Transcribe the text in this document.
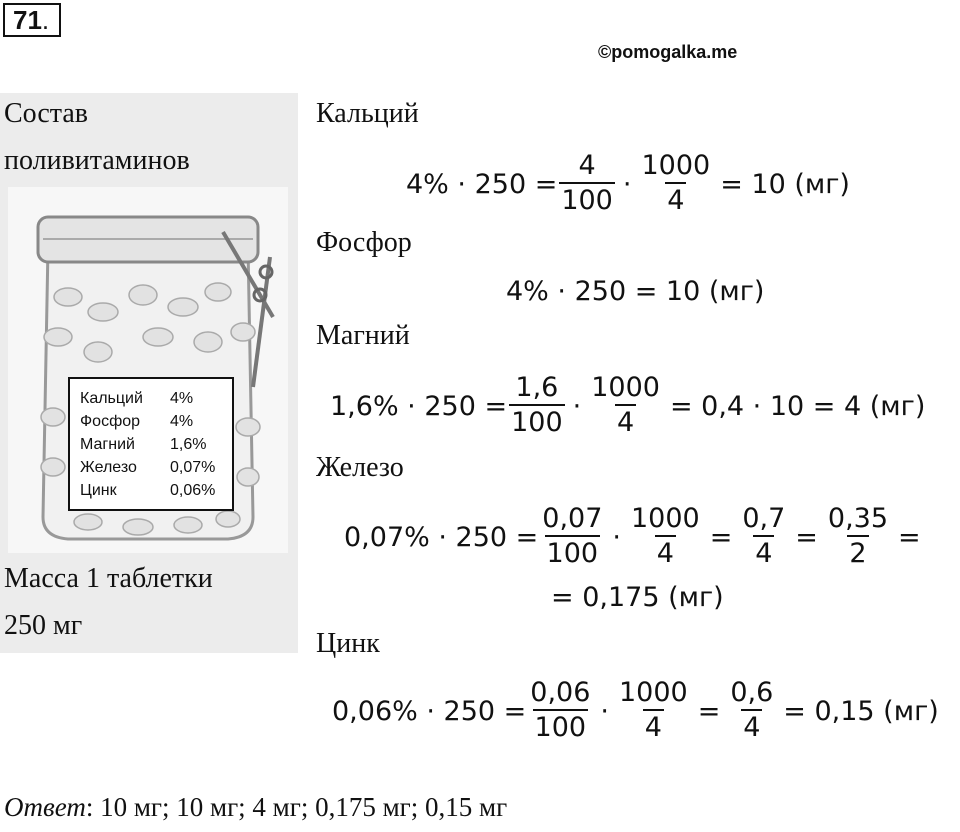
71.
©pomogalka.me
Состав
поливитаминов
Кальций	4%
Фосфор	4%
Магний	1,6%
Железо	0,07%
Цинк	0,06%
Масса 1 таблетки
250 мг
Кальций
$4\% \cdot 250 = \frac{4}{100} \cdot \frac{1000}{4} = 10$ (мг)
Фосфор
4% · 250 = 10 (мг)
Магний
$1,6\% \cdot 250 = \frac{1,6}{100} \cdot \frac{1000}{4} = 0,4 \cdot 10 = 4$ (мг)
Железо
$0,07\% \cdot 250 = \frac{0,07}{100} \cdot \frac{1000}{4} = \frac{0,7}{4} = \frac{0,35}{2}$ =
= 0,175 (мг)
Цинк
$0,06\% \cdot 250 = \frac{0,06}{100} \cdot \frac{1000}{4} = \frac{0,6}{4} = 0,15$ (мг)
Ответ: 10 мг; 10 мг; 4 мг; 0,175 мг; 0,15 мг
